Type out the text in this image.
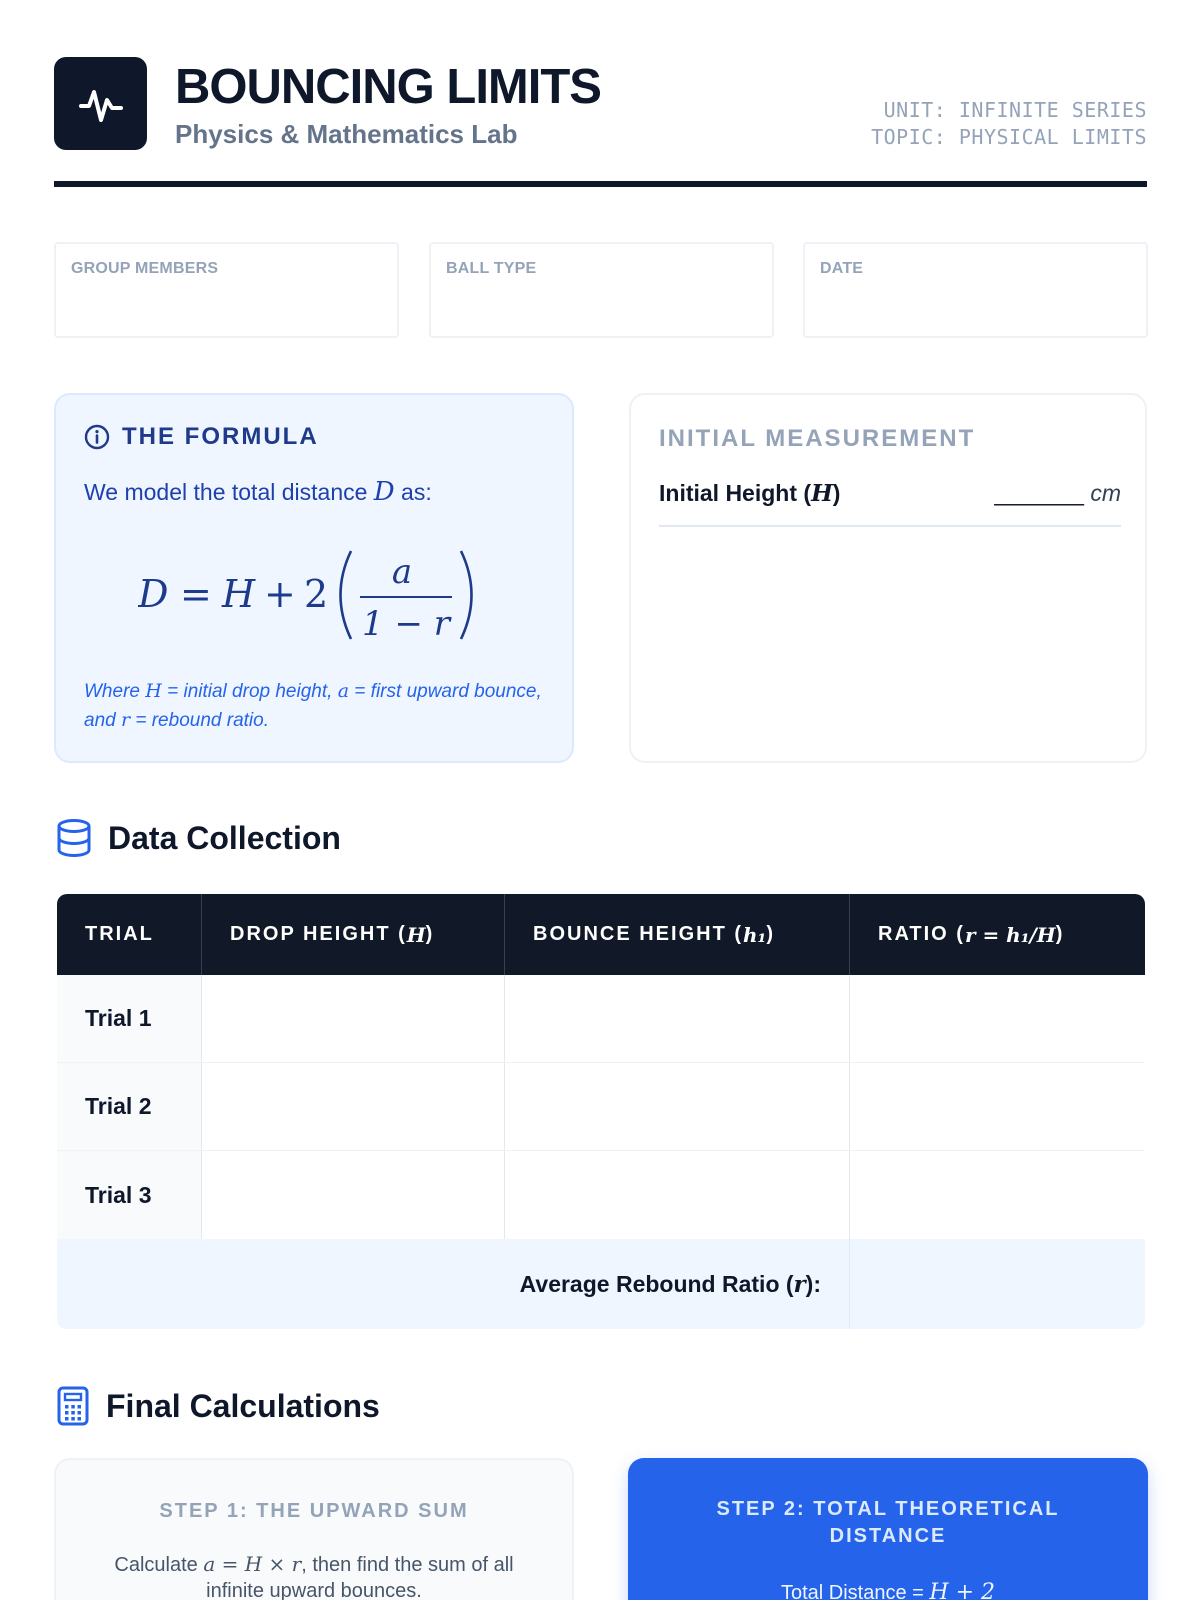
BOUNCING LIMITS
Physics & Mathematics Lab
UNIT: INFINITE SERIES
TOPIC: PHYSICAL LIMITS
GROUP MEMBERS	BALL TYPE	DATE
THE FORMULA
We model the total distance D as:
D = H + 2 a
1 − r
Where H = initial drop height, a = first upward bounce, and r = rebound ratio.
INITIAL MEASUREMENT
Initial Height (H)	_______ cm
Data Collection
TRIAL	DROP HEIGHT ( H )	BOUNCE HEIGHT ( h₁ )	RATIO ( r = h₁/H )
Trial 1
Trial 2
Trial 3
Average Rebound Ratio ( r ):
Final Calculations
STEP 1: THE UPWARD SUM
Calculate a = H × r, then find the sum of all infinite upward bounces.
STEP 2: TOTAL THEORETICAL DISTANCE
Total Distance = H + 2
